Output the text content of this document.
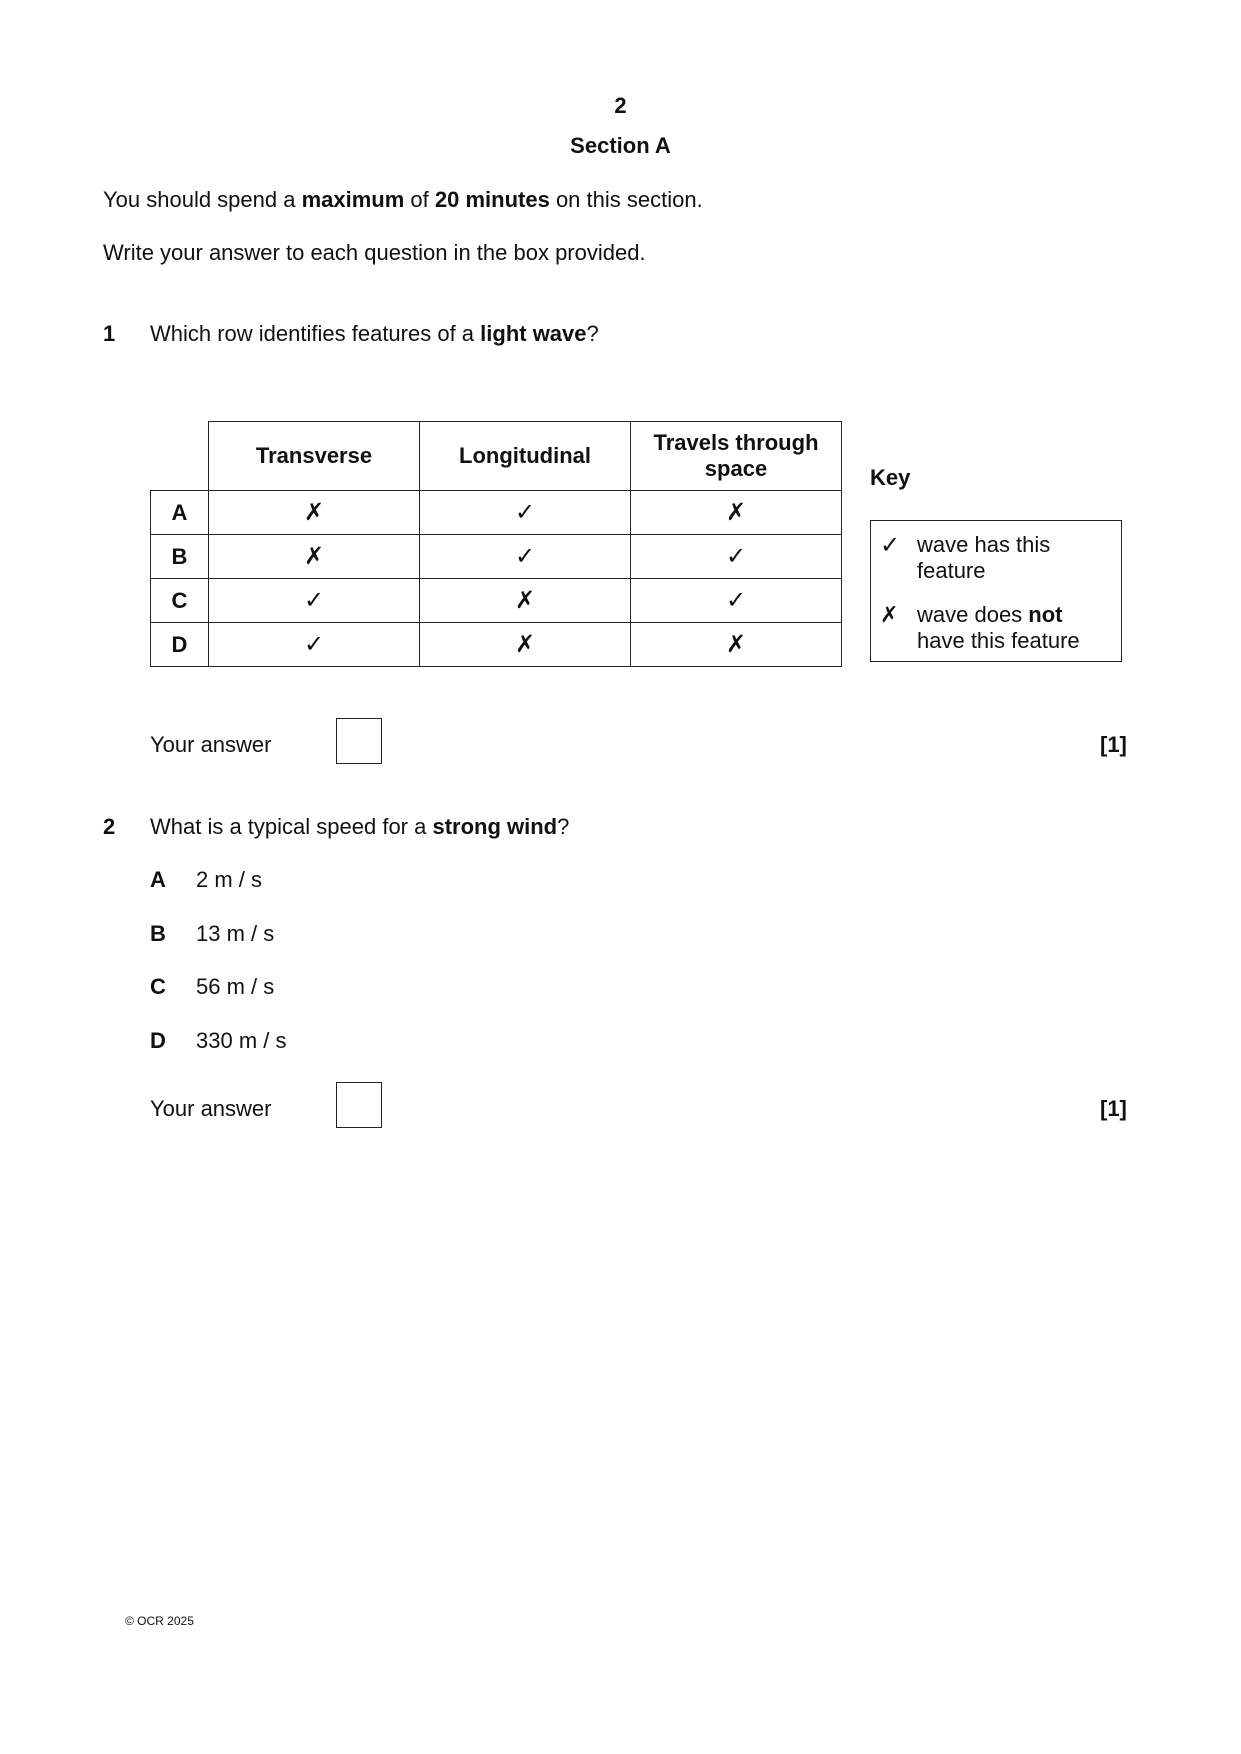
2
Section A
You should spend a maximum of 20 minutes on this section.
Write your answer to each question in the box provided.
1 Which row identifies features of a light wave?
	Transverse	Longitudinal	Travels through space
A	✗	✓	✗
B	✗	✓	✓
C	✓	✗	✓
D	✓	✗	✗
Key
✓ wave has this feature
✗ wave does not
have this feature
Your answer	[1]
2 What is a typical speed for a strong wind?
A 2 m / s
B 13 m / s
C 56 m / s
D 330 m / s
Your answer	[1]
© OCR 2025
